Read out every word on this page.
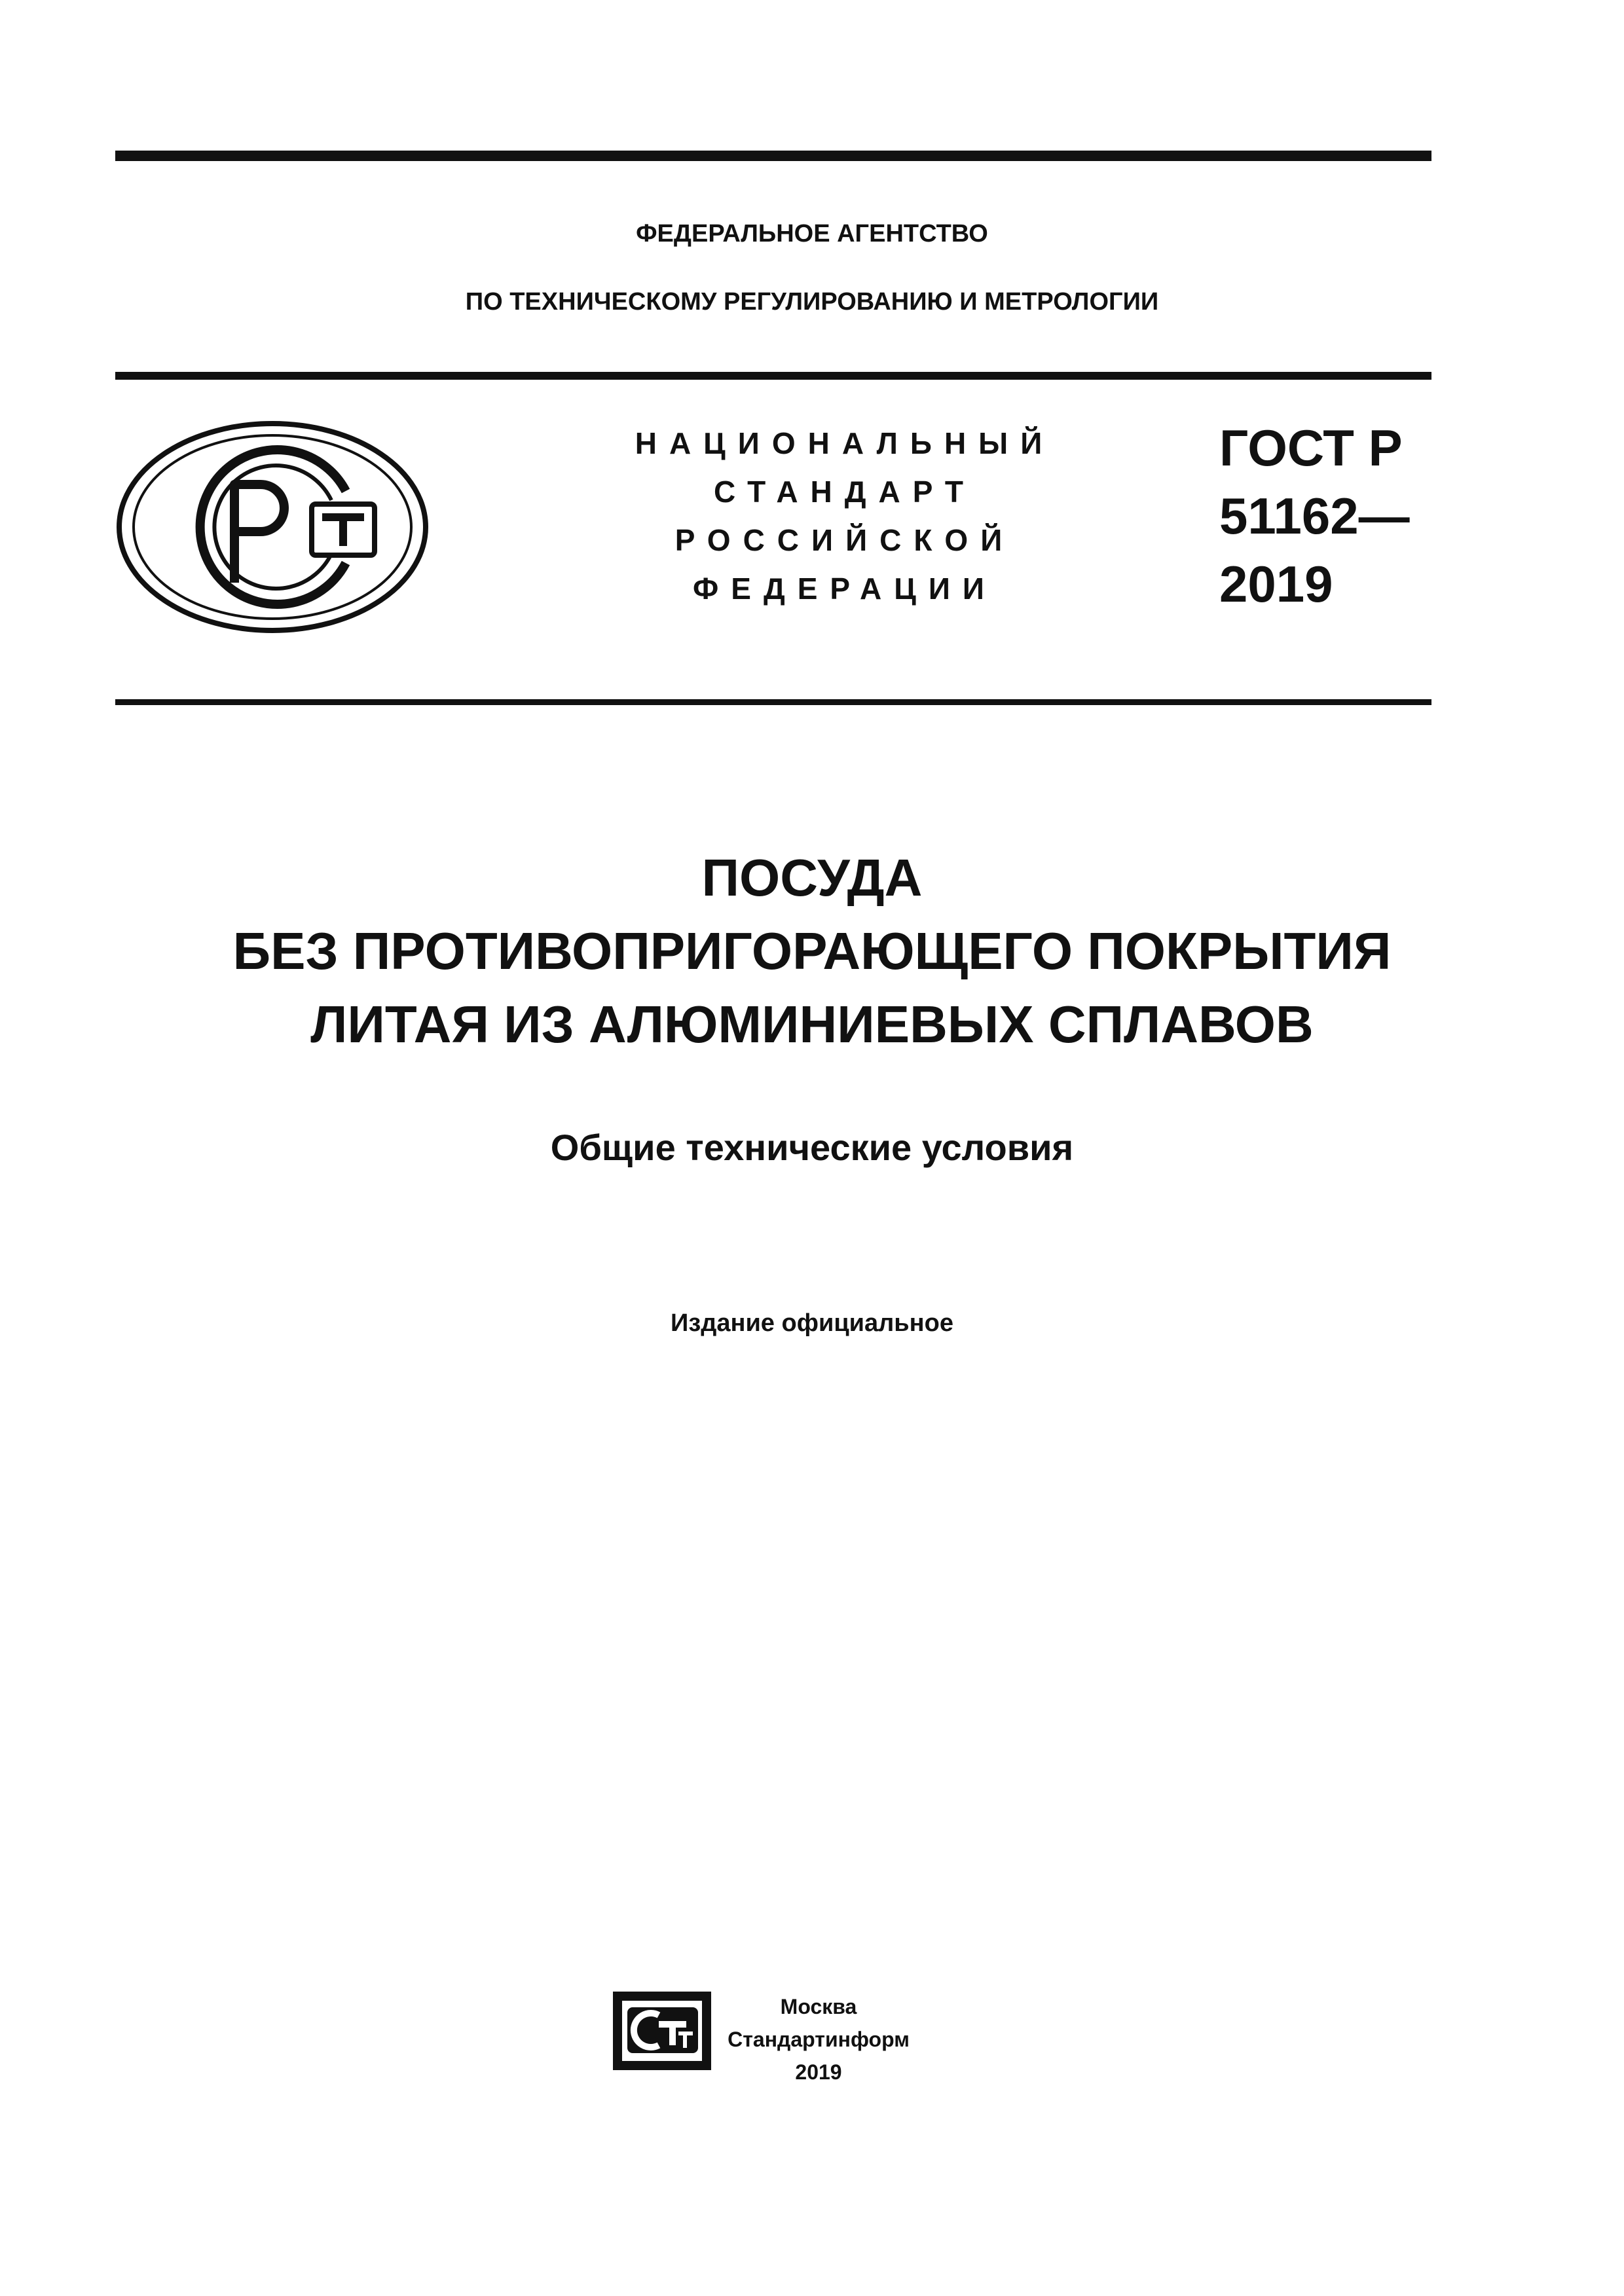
ФЕДЕРАЛЬНОЕ АГЕНТСТВО
ПО ТЕХНИЧЕСКОМУ РЕГУЛИРОВАНИЮ И МЕТРОЛОГИИ
НАЦИОНАЛЬНЫЙ
СТАНДАРТ
РОССИЙСКОЙ
ФЕДЕРАЦИИ
ГОСТ Р
51162—
2019
ПОСУДА
БЕЗ ПРОТИВОПРИГОРАЮЩЕГО ПОКРЫТИЯ
ЛИТАЯ ИЗ АЛЮМИНИЕВЫХ СПЛАВОВ
Общие технические условия
Издание официальное
Москва
Стандартинформ
2019
